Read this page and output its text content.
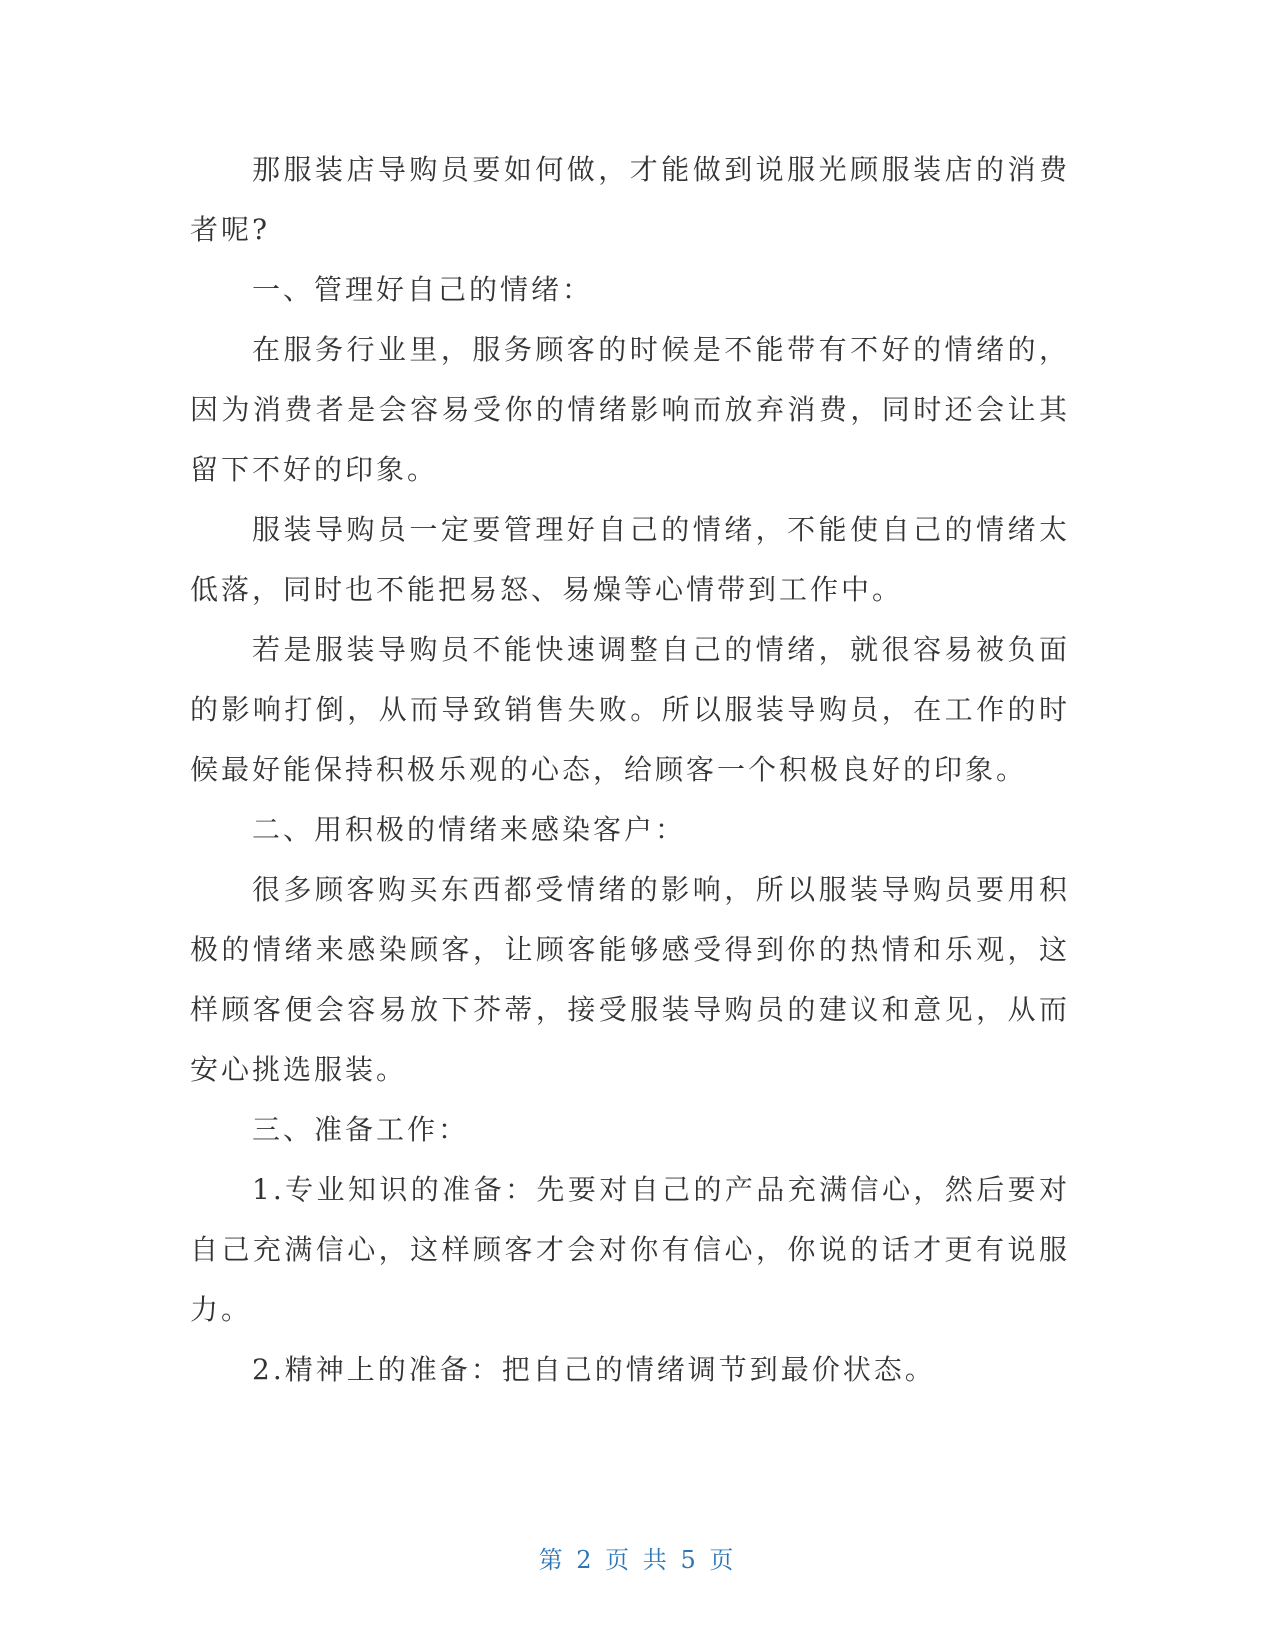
那服装店导购员要如何做，才能做到说服光顾服装店的消费者呢?

一、管理好自己的情绪：

在服务行业里，服务顾客的时候是不能带有不好的情绪的，因为消费者是会容易受你的情绪影响而放弃消费，同时还会让其留下不好的印象。

服装导购员一定要管理好自己的情绪，不能使自己的情绪太低落，同时也不能把易怒、易燥等心情带到工作中。

若是服装导购员不能快速调整自己的情绪，就很容易被负面的影响打倒，从而导致销售失败。所以服装导购员，在工作的时候最好能保持积极乐观的心态，给顾客一个积极良好的印象。

二、用积极的情绪来感染客户：

很多顾客购买东西都受情绪的影响，所以服装导购员要用积极的情绪来感染顾客，让顾客能够感受得到你的热情和乐观，这样顾客便会容易放下芥蒂，接受服装导购员的建议和意见，从而安心挑选服装。

三、准备工作：

1.专业知识的准备：先要对自己的产品充满信心，然后要对自己充满信心，这样顾客才会对你有信心，你说的话才更有说服力。

2.精神上的准备：把自己的情绪调节到最价状态。

第 2 页 共 5 页
